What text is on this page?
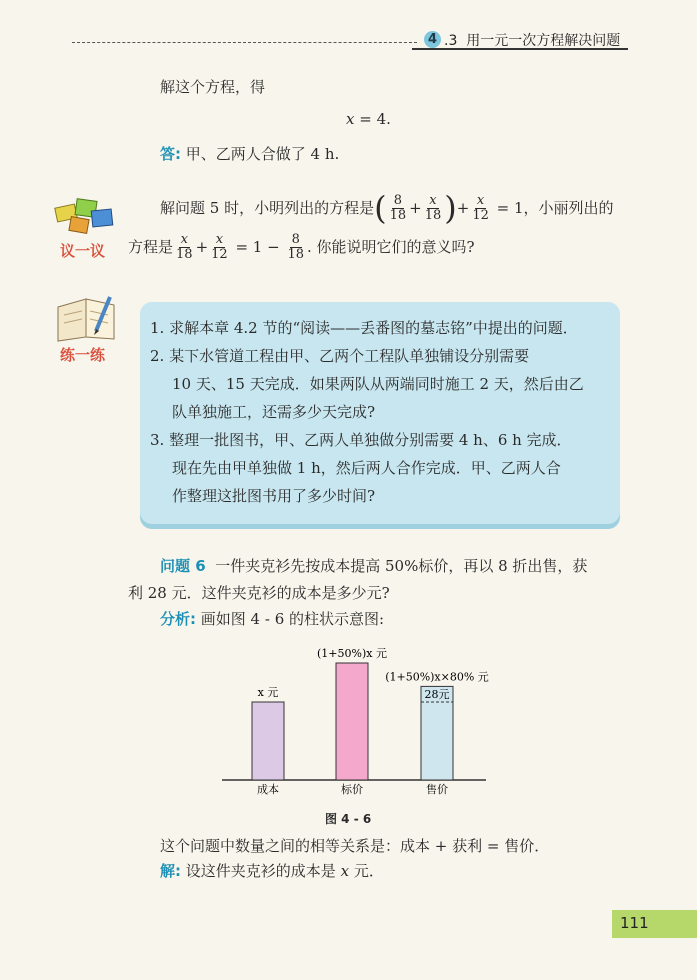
4 .3 用一元一次方程解决问题
解这个方程，得
x = 4.
答: 甲、乙两人合做了 4 h.
议一议
解问题 5 时，小明列出的方程是 ( $\frac{8}{18} + \frac{x}{18}$ ) + $\frac{x}{12}$
= 1，小丽列出的
方程是 $\frac{x}{18} + \frac{x}{12}$
= 1 −
$\frac{8}{18}$ . 你能说明它们的意义吗?
练一练
1. 求解本章 4.2 节的“阅读——丢番图的墓志铭”中提出的问题．
2. 某下水管道工程由甲、乙两个工程队单独铺设分别需要
10 天、15 天完成．如果两队从两端同时施工 2 天，然后由乙
队单独施工，还需多少天完成?
3. 整理一批图书，甲、乙两人单独做分别需要 4 h、6 h 完成．
现在先由甲单独做 1 h，然后两人合作完成．甲、乙两人合
作整理这批图书用了多少时间?
问题 6 一件夹克衫先按成本提高 50%标价，再以 8 折出售，获
利 28 元．这件夹克衫的成本是多少元?
分析: 画如图 4 - 6 的柱状示意图:
x 元
成本
(1+50%)x 元
标价
(1+50%)x×80% 元
售价
28元
图 4 - 6
这个问题中数量之间的相等关系是：成本 + 获利 = 售价．
解: 设这件夹克衫的成本是 x 元．
111
